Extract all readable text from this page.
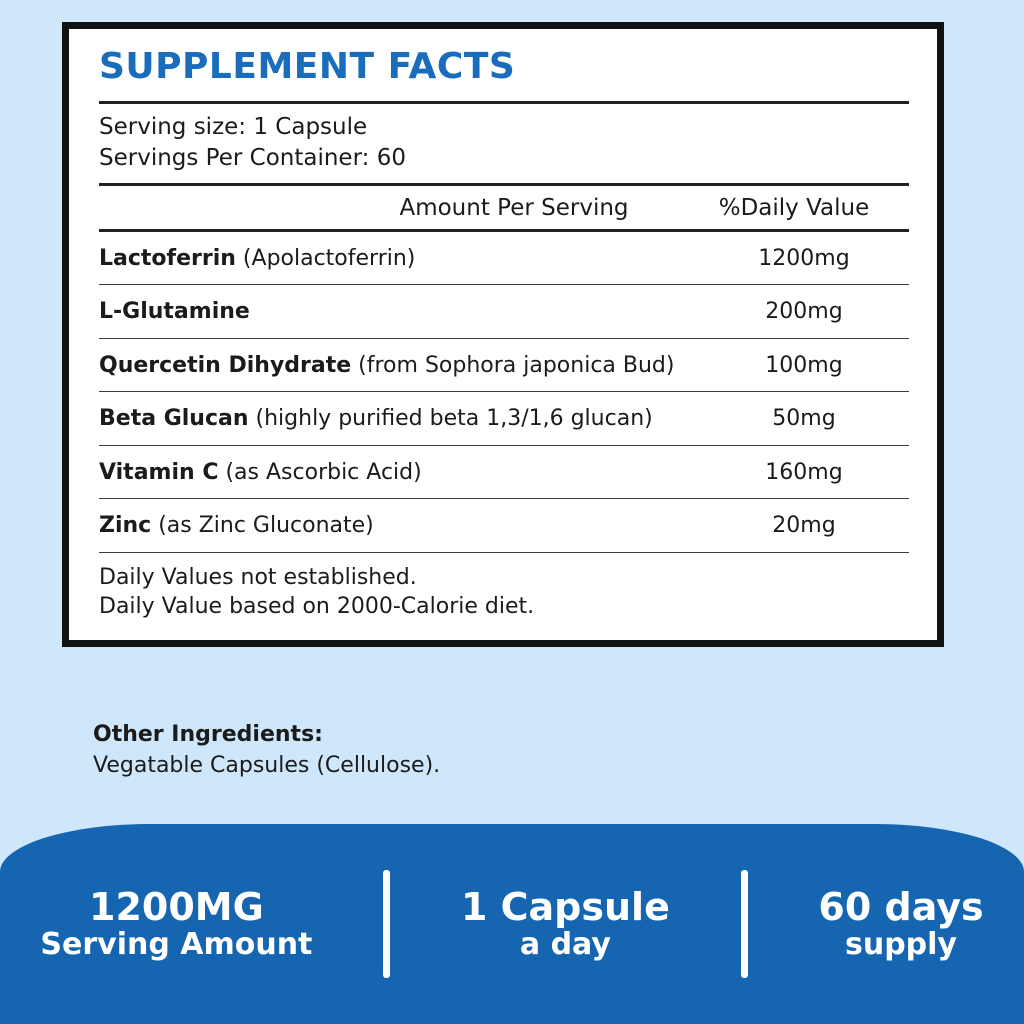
SUPPLEMENT FACTS
Serving size: 1 Capsule
Servings Per Container: 60
Amount Per Serving	%Daily Value
Lactoferrin (Apolactoferrin)	1200mg
L-Glutamine	200mg
Quercetin Dihydrate (from Sophora japonica Bud)	100mg
Beta Glucan (highly purified beta 1,3/1,6 glucan)	50mg
Vitamin C (as Ascorbic Acid)	160mg
Zinc (as Zinc Gluconate)	20mg
Daily Values not established.
Daily Value based on 2000-Calorie diet.
Other Ingredients:
Vegatable Capsules (Cellulose).
1200MG
Serving Amount
1 Capsule
a day
60 days
supply
